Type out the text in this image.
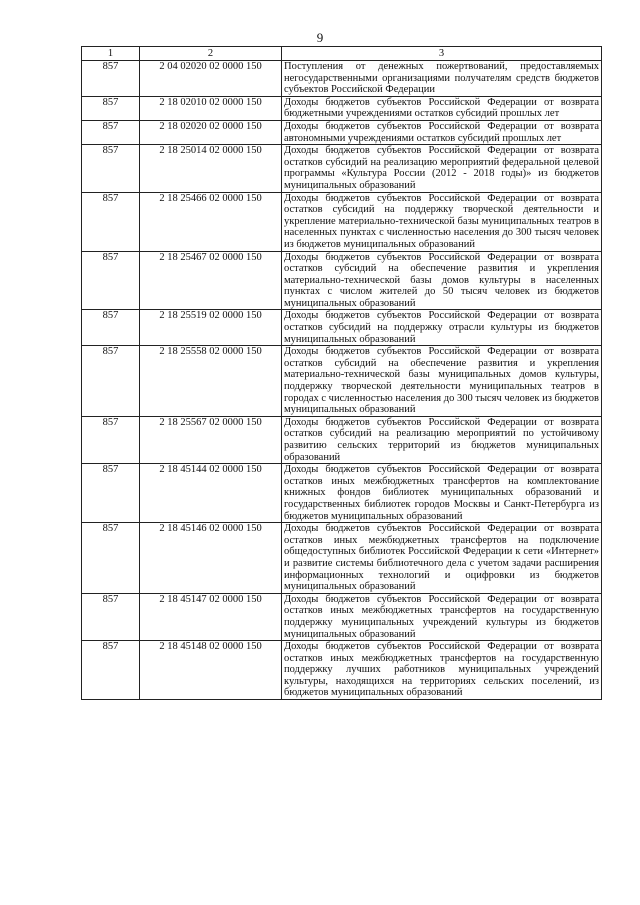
9
1	2	3
857	2 04 02020 02 0000 150	Поступления от денежных пожертвований, предоставляемых негосударственными организациями получателям средств бюджетов субъектов Российской Федерации
857	2 18 02010 02 0000 150	Доходы бюджетов субъектов Российской Федерации от возврата бюджетными учреждениями остатков субсидий прошлых лет
857	2 18 02020 02 0000 150	Доходы бюджетов субъектов Российской Федерации от возврата автономными учреждениями остатков субсидий прошлых лет
857	2 18 25014 02 0000 150	Доходы бюджетов субъектов Российской Федерации от возврата остатков субсидий на реализацию мероприятий федеральной целевой программы «Культура России (2012 - 2018 годы)» из бюджетов муниципальных образований
857	2 18 25466 02 0000 150	Доходы бюджетов субъектов Российской Федерации от возврата остатков субсидий на поддержку творческой деятельности и укрепление материально-технической базы муниципальных театров в населенных пунктах с численностью населения до 300 тысяч человек из бюджетов муниципальных образований
857	2 18 25467 02 0000 150	Доходы бюджетов субъектов Российской Федерации от возврата остатков субсидий на обеспечение развития и укрепления материально-технической базы домов культуры в населенных пунктах с числом жителей до 50 тысяч человек из бюджетов муниципальных образований
857	2 18 25519 02 0000 150	Доходы бюджетов субъектов Российской Федерации от возврата остатков субсидий на поддержку отрасли культуры из бюджетов муниципальных образований
857	2 18 25558 02 0000 150	Доходы бюджетов субъектов Российской Федерации от возврата остатков субсидий на обеспечение развития и укрепления материально-технической базы муниципальных домов культуры, поддержку творческой деятельности муниципальных театров в городах с численностью населения до 300 тысяч человек из бюджетов муниципальных образований
857	2 18 25567 02 0000 150	Доходы бюджетов субъектов Российской Федерации от возврата остатков субсидий на реализацию мероприятий по устойчивому развитию сельских территорий из бюджетов муниципальных образований
857	2 18 45144 02 0000 150	Доходы бюджетов субъектов Российской Федерации от возврата остатков иных межбюджетных трансфертов на комплектование книжных фондов библиотек муниципальных образований и государственных библиотек городов Москвы и Санкт-Петербурга из бюджетов муниципальных образований
857	2 18 45146 02 0000 150	Доходы бюджетов субъектов Российской Федерации от возврата остатков иных межбюджетных трансфертов на подключение общедоступных библиотек Российской Федерации к сети «Интернет» и развитие системы библиотечного дела с учетом задачи расширения информационных технологий и оцифровки из бюджетов муниципальных образований
857	2 18 45147 02 0000 150	Доходы бюджетов субъектов Российской Федерации от возврата остатков иных межбюджетных трансфертов на государственную поддержку муниципальных учреждений культуры из бюджетов муниципальных образований
857	2 18 45148 02 0000 150	Доходы бюджетов субъектов Российской Федерации от возврата остатков иных межбюджетных трансфертов на государственную поддержку лучших работников муниципальных учреждений культуры, находящихся на территориях сельских поселений, из бюджетов муниципальных образований
